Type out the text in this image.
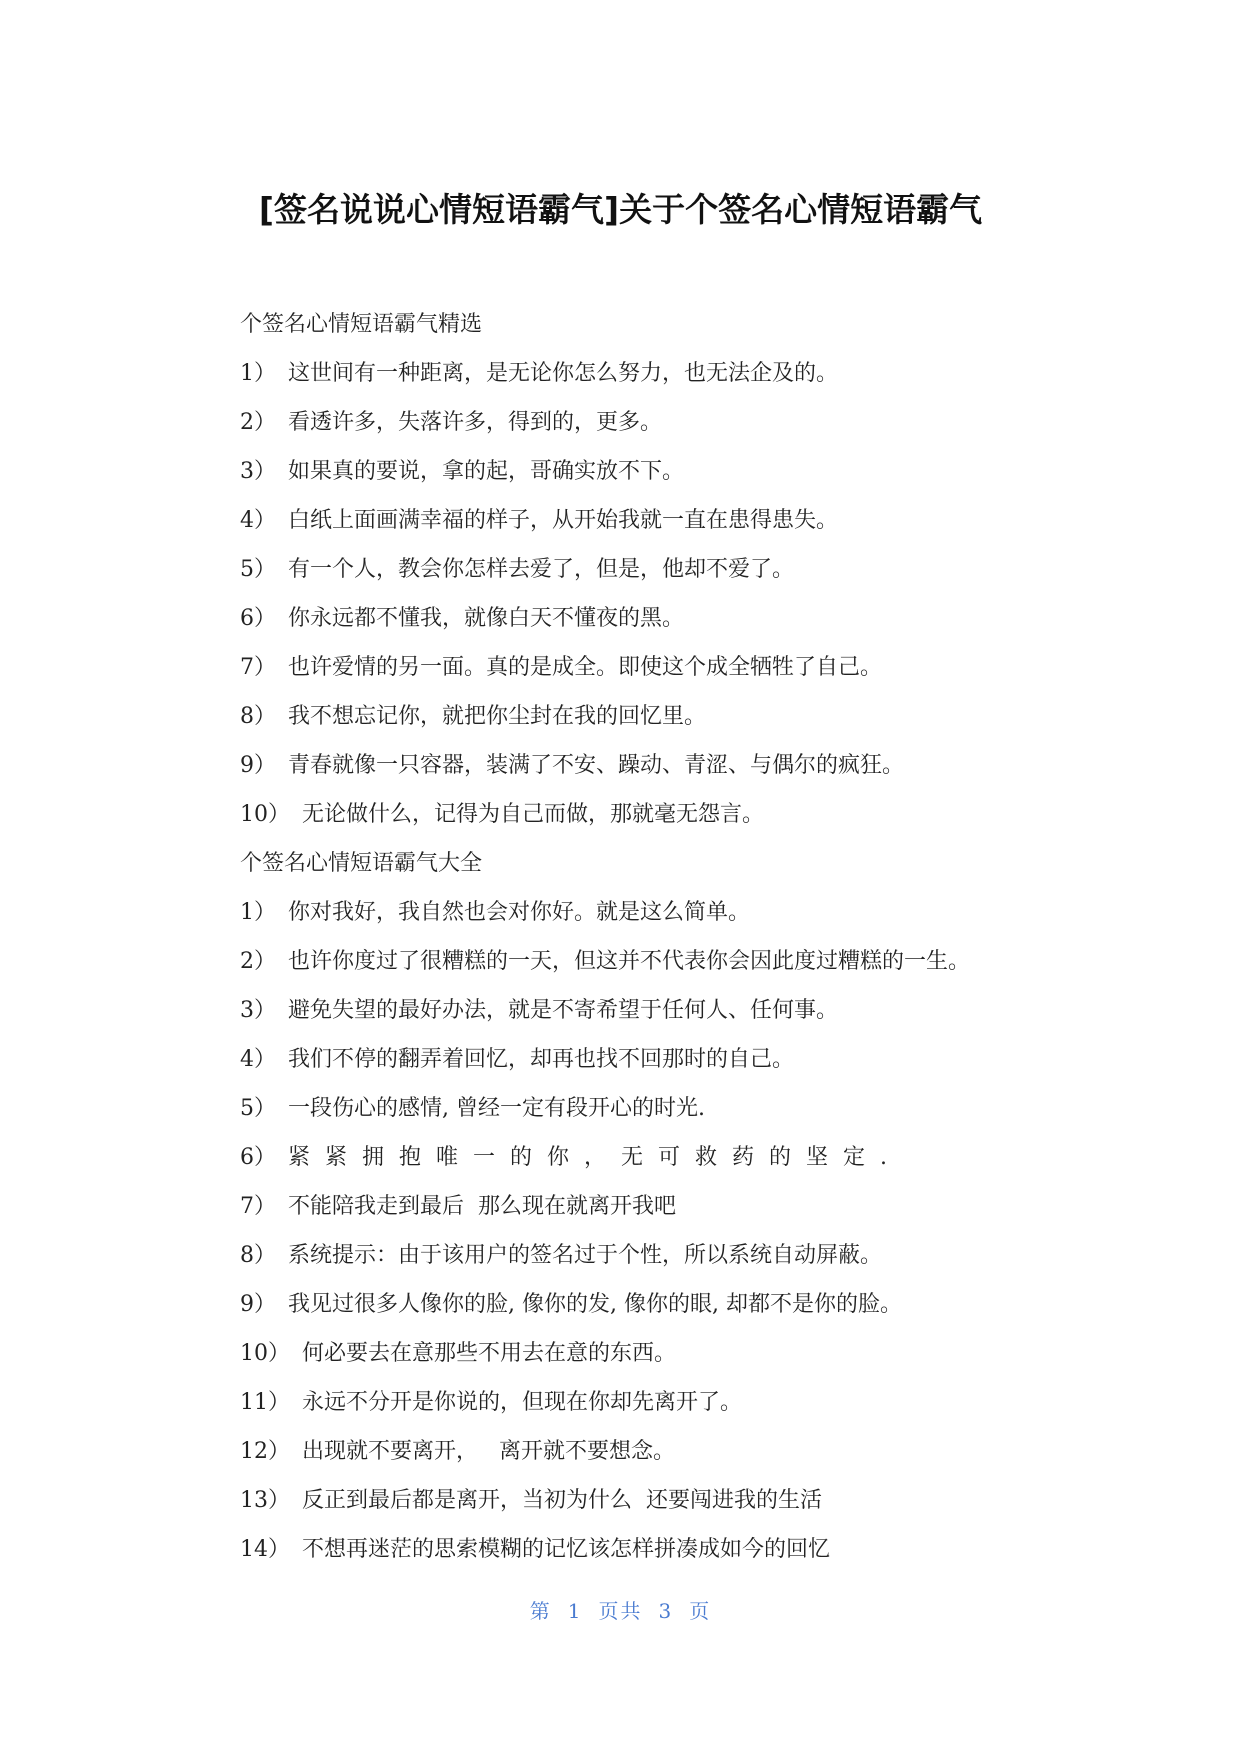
[签名说说心情短语霸气]关于个签名心情短语霸气
个签名心情短语霸气精选
1） 这世间有一种距离，是无论你怎么努力，也无法企及的。
2） 看透许多，失落许多，得到的，更多。
3） 如果真的要说，拿的起，哥确实放不下。
4） 白纸上面画满幸福的样子，从开始我就一直在患得患失。
5） 有一个人，教会你怎样去爱了，但是，他却不爱了。
6） 你永远都不懂我，就像白天不懂夜的黑。
7） 也许爱情的另一面。真的是成全。即使这个成全牺牲了自己。
8） 我不想忘记你，就把你尘封在我的回忆里。
9） 青春就像一只容器，装满了不安、躁动、青涩、与偶尔的疯狂。
10） 无论做什么，记得为自己而做，那就毫无怨言。
个签名心情短语霸气大全
1） 你对我好，我自然也会对你好。就是这么简单。
2） 也许你度过了很糟糕的一天，但这并不代表你会因此度过糟糕的一生。
3） 避免失望的最好办法，就是不寄希望于任何人、任何事。
4） 我们不停的翻弄着回忆，却再也找不回那时的自己。
5） 一段伤心的感情, 曾经一定有段开心的时光.
6） 紧紧拥抱唯一的你，无可救药的坚定.
7） 不能陪我走到最后  那么现在就离开我吧
8） 系统提示：由于该用户的签名过于个性，所以系统自动屏蔽。
9） 我见过很多人像你的脸, 像你的发, 像你的眼, 却都不是你的脸。
10） 何必要去在意那些不用去在意的东西。
11） 永远不分开是你说的，但现在你却先离开了。
12） 出现就不要离开，   离开就不要想念。
13） 反正到最后都是离开，当初为什么  还要闯进我的生活
14） 不想再迷茫的思索模糊的记忆该怎样拼凑成如今的回忆
第 1 页共 3 页
